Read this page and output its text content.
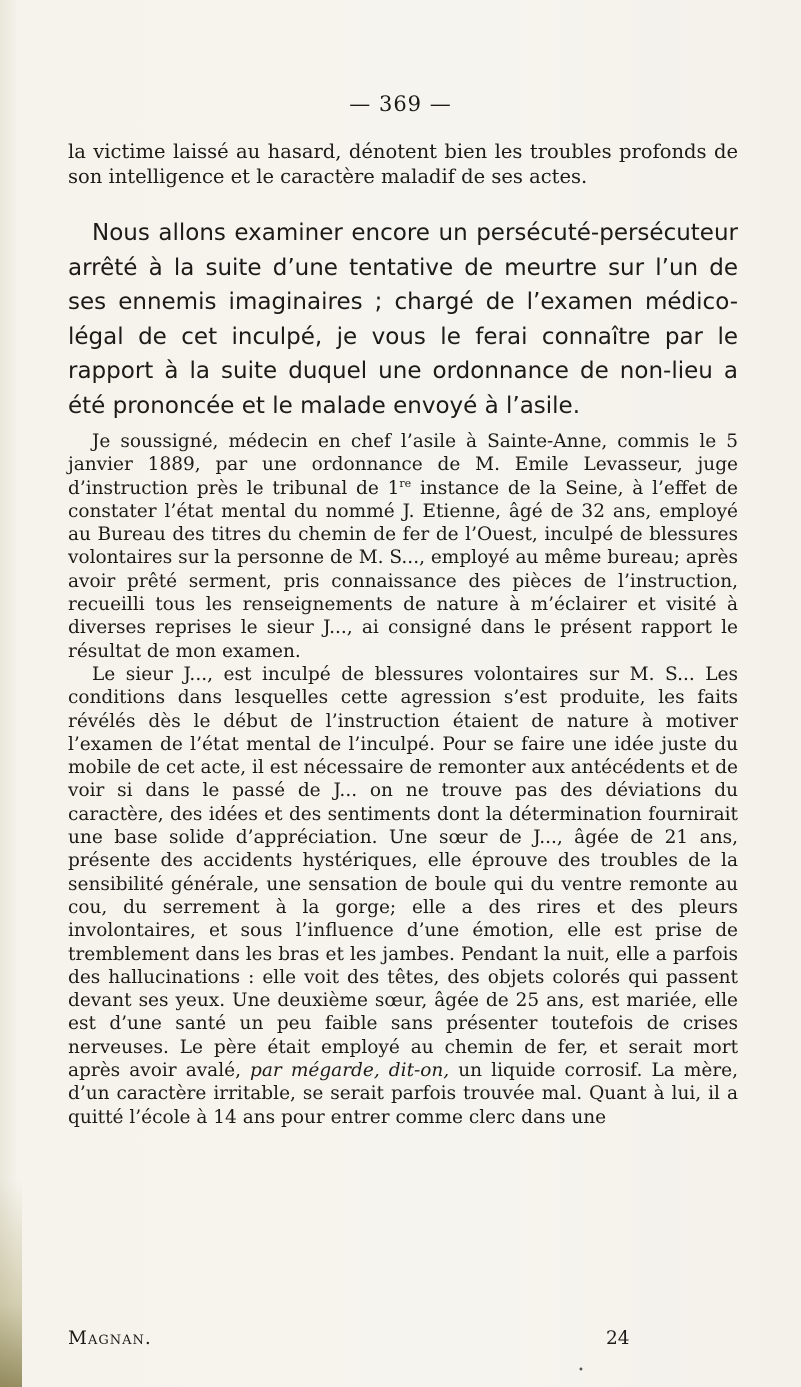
— 369 —
la victime laissé au hasard, dénotent bien les troubles profonds de son intelligence et le caractère maladif de ses actes.
Nous allons examiner encore un persécuté-persécuteur arrêté à la suite d’une tentative de meurtre sur l’un de ses ennemis imaginaires ; chargé de l’examen médico-légal de cet inculpé, je vous le ferai connaître par le rapport à la suite duquel une ordonnance de non-lieu a été prononcée et le malade envoyé à l’asile.

Je soussigné, médecin en chef l’asile à Sainte-Anne, commis le 5 janvier 1889, par une ordonnance de M. Emile Levasseur, juge d’instruction près le tribunal de 1re instance de la Seine, à l’effet de constater l’état mental du nommé J. Etienne, âgé de 32 ans, employé au Bureau des titres du chemin de fer de l’Ouest, inculpé de blessures volontaires sur la personne de M. S..., employé au même bureau; après avoir prêté serment, pris connaissance des pièces de l’instruction, recueilli tous les renseignements de nature à m’éclairer et visité à diverses reprises le sieur J..., ai consigné dans le présent rapport le résultat de mon examen.

Le sieur J..., est inculpé de blessures volontaires sur M. S... Les conditions dans lesquelles cette agression s’est produite, les faits révélés dès le début de l’instruction étaient de nature à motiver l’examen de l’état mental de l’inculpé. Pour se faire une idée juste du mobile de cet acte, il est nécessaire de remonter aux antécédents et de voir si dans le passé de J... on ne trouve pas des déviations du caractère, des idées et des sentiments dont la détermination fournirait une base solide d’appréciation. Une sœur de J..., âgée de 21 ans, présente des accidents hystériques, elle éprouve des troubles de la sensibilité générale, une sensation de boule qui du ventre remonte au cou, du serrement à la gorge; elle a des rires et des pleurs involontaires, et sous l’influence d’une émotion, elle est prise de tremblement dans les bras et les jambes. Pendant la nuit, elle a parfois des hallucinations : elle voit des têtes, des objets colorés qui passent devant ses yeux. Une deuxième sœur, âgée de 25 ans, est mariée, elle est d’une santé un peu faible sans présenter toutefois de crises nerveuses. Le père était employé au chemin de fer, et serait mort après avoir avalé, par mégarde, dit-on, un liquide corrosif. La mère, d’un caractère irritable, se serait parfois trouvée mal. Quant à lui, il a quitté l’école à 14 ans pour entrer comme clerc dans une

Magnan.	24
•
